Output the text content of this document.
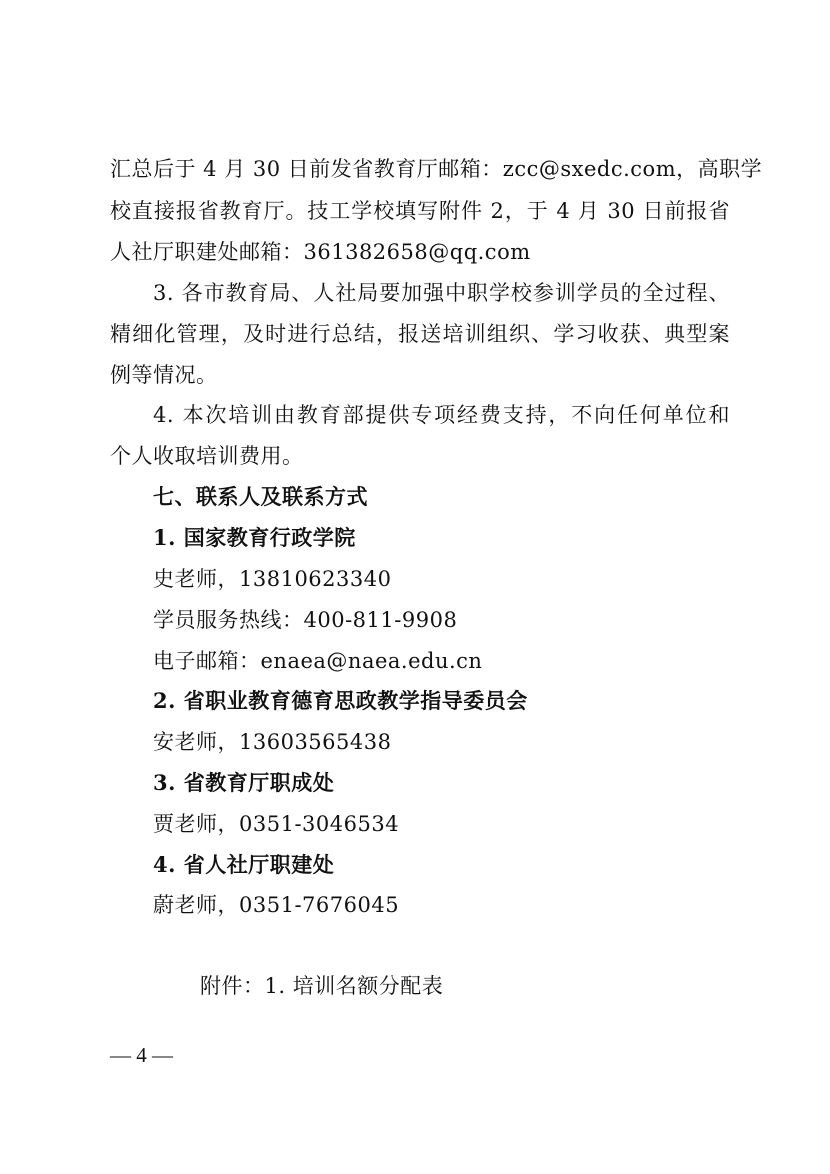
汇总后于 4 月 30 日前发省教育厅邮箱：zcc@sxedc.com，高职学
校直接报省教育厅。技工学校填写附件 2，于 4 月 30 日前报省
人社厅职建处邮箱：361382658@qq.com
3. 各市教育局、人社局要加强中职学校参训学员的全过程、
精细化管理，及时进行总结，报送培训组织、学习收获、典型案
例等情况。
4. 本次培训由教育部提供专项经费支持，不向任何单位和
个人收取培训费用。
七、联系人及联系方式
1. 国家教育行政学院
史老师，13810623340
学员服务热线：400-811-9908
电子邮箱：enaea@naea.edu.cn
2. 省职业教育德育思政教学指导委员会
安老师，13603565438
3. 省教育厅职成处
贾老师，0351-3046534
4. 省人社厅职建处
蔚老师，0351-7676045
附件：1. 培训名额分配表
— 4 —
